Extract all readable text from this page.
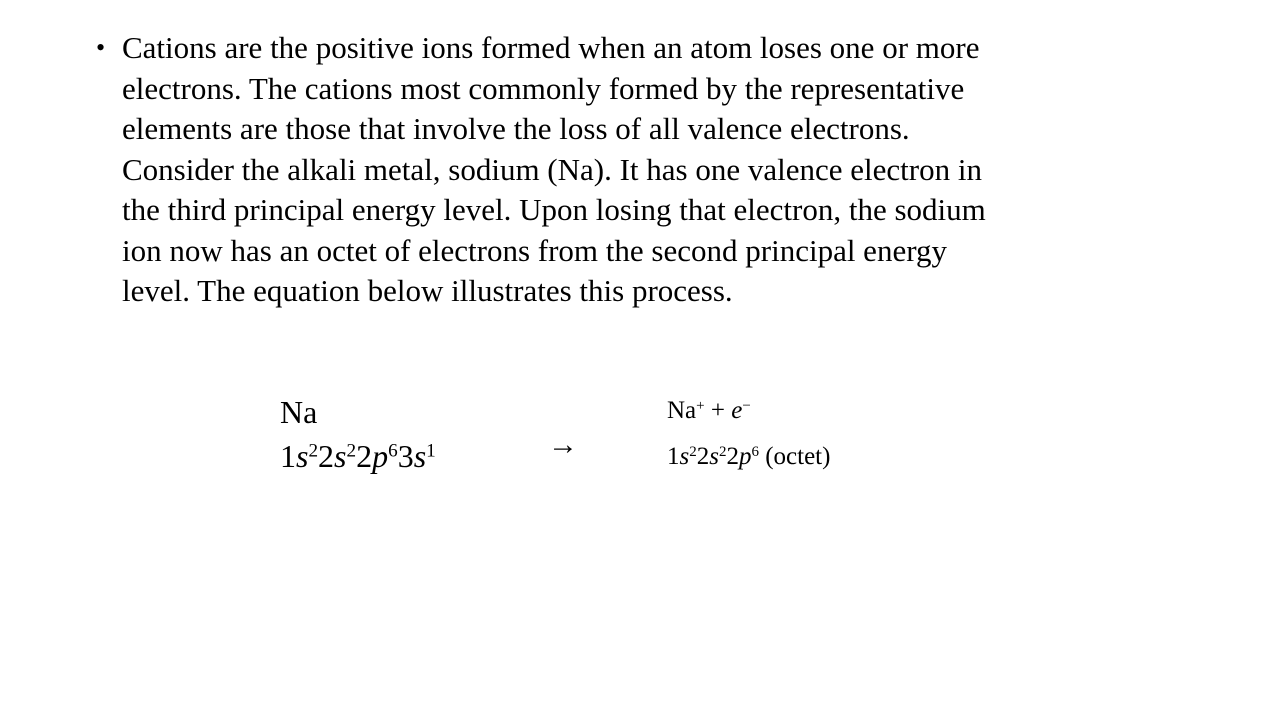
• Cations are the positive ions formed when an atom loses one or more
electrons. The cations most commonly formed by the representative
elements are those that involve the loss of all valence electrons.
Consider the alkali metal, sodium (Na). It has one valence electron in
the third principal energy level. Upon losing that electron, the sodium
ion now has an octet of electrons from the second principal energy
level. The equation below illustrates this process.
Na
$1s^22s^22p^63s^1$	→
Na+ + e−
$1s^22s^22p^6$ (octet)
